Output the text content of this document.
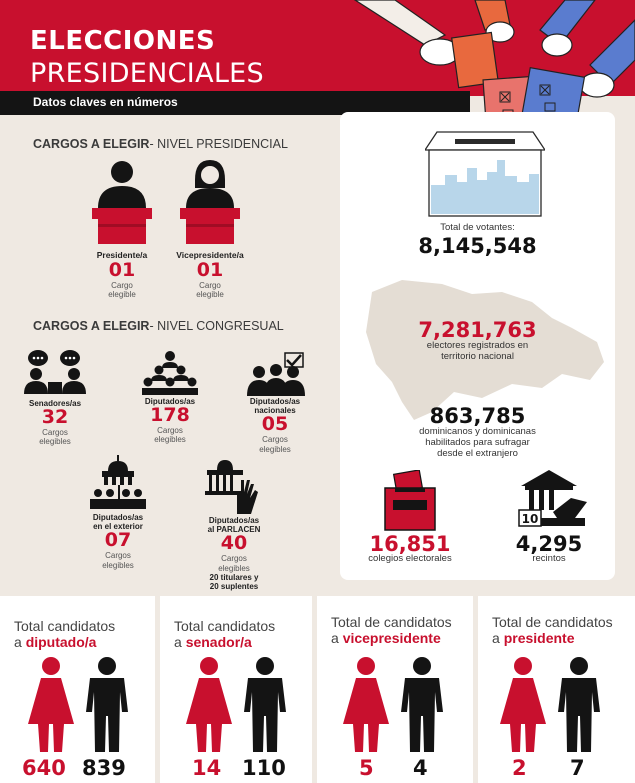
ELECCIONES
PRESIDENCIALES
Datos claves en números
CARGOS A ELEGIR- NIVEL PRESIDENCIAL
Presidente/a
01
Cargo
elegible
Vicepresidente/a
01
Cargo
elegible
CARGOS A ELEGIR- NIVEL CONGRESUAL
Senadores/as
32
Cargos
elegibles
Diputados/as
178
Cargos
elegibles
Diputados/as
nacionales
05
Cargos
elegibles
Diputados/as
en el exterior
07
Cargos
elegibles
Diputados/as
al PARLACEN
40
Cargos
elegibles
20 titulares y
20 suplentes
Total de votantes:
8,145,548
7,281,763
electores registrados en
territorio nacional
863,785
dominicanos y dominicanas
habilitados para sufragar
desde el extranjero
16,851
colegios electorales
10
4,295
recintos
Total candidatos
a diputado/a
640 839
Total candidatos
a senador/a
14 110
Total de candidatos
a vicepresidente
5 4
Total de candidatos
a presidente
2 7
